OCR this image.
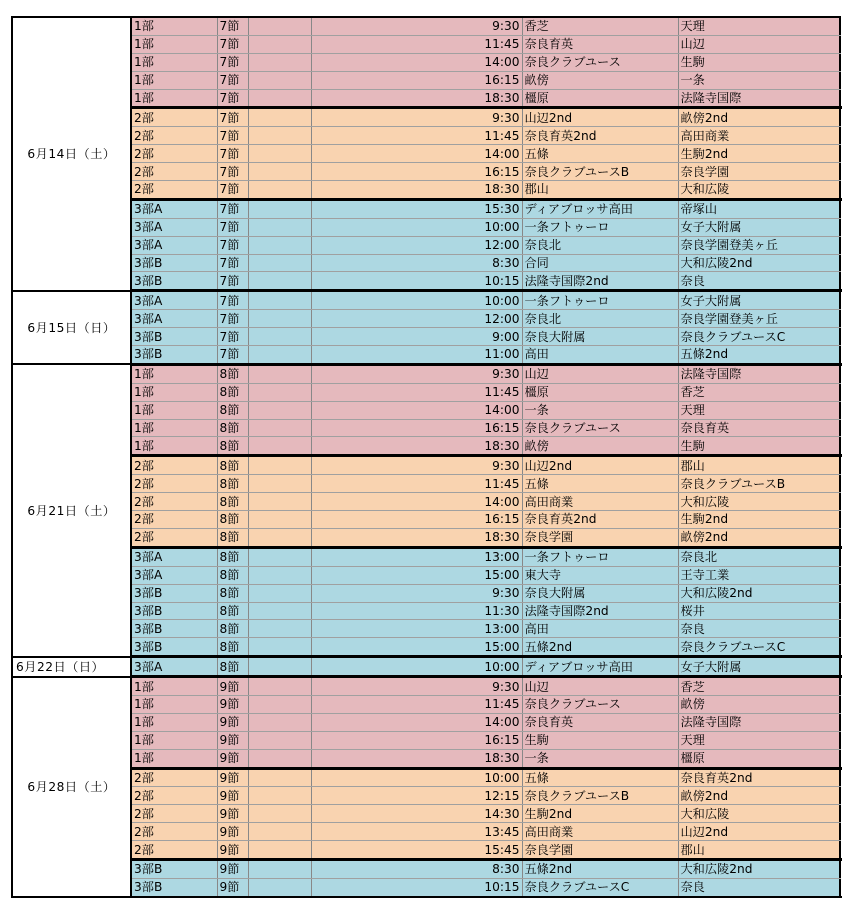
6月14日（土）	1部	7節		9:30	香芝	天理	
	1部	7節		11:45	奈良育英	山辺	
	1部	7節		14:00	奈良クラブユース	生駒	
	1部	7節		16:15	畝傍	一条	
	1部	7節		18:30	橿原	法隆寺国際	
	2部	7節		9:30	山辺2nd	畝傍2nd	
	2部	7節		11:45	奈良育英2nd	高田商業	
	2部	7節		14:00	五條	生駒2nd	
	2部	7節		16:15	奈良クラブユースB	奈良学園	
	2部	7節		18:30	郡山	大和広陵	
	3部A	7節		15:30	ディアブロッサ高田	帝塚山	
	3部A	7節		10:00	一条フトゥーロ	女子大附属	
	3部A	7節		12:00	奈良北	奈良学園登美ヶ丘	
	3部B	7節		8:30	合同	大和広陵2nd	
	3部B	7節		10:15	法隆寺国際2nd	奈良	
6月15日（日）	3部A	7節		10:00	一条フトゥーロ	女子大附属	
	3部A	7節		12:00	奈良北	奈良学園登美ヶ丘	
	3部B	7節		9:00	奈良大附属	奈良クラブユースC	
	3部B	7節		11:00	高田	五條2nd	
6月21日（土）	1部	8節		9:30	山辺	法隆寺国際	
	1部	8節		11:45	橿原	香芝	
	1部	8節		14:00	一条	天理	
	1部	8節		16:15	奈良クラブユース	奈良育英	
	1部	8節		18:30	畝傍	生駒	
	2部	8節		9:30	山辺2nd	郡山	
	2部	8節		11:45	五條	奈良クラブユースB	
	2部	8節		14:00	高田商業	大和広陵	
	2部	8節		16:15	奈良育英2nd	生駒2nd	
	2部	8節		18:30	奈良学園	畝傍2nd	
	3部A	8節		13:00	一条フトゥーロ	奈良北	
	3部A	8節		15:00	東大寺	王寺工業	
	3部B	8節		9:30	奈良大附属	大和広陵2nd	
	3部B	8節		11:30	法隆寺国際2nd	桜井	
	3部B	8節		13:00	高田	奈良	
	3部B	8節		15:00	五條2nd	奈良クラブユースC	
6月22日（日）	3部A	8節		10:00	ディアブロッサ高田	女子大附属	
6月28日（土）	1部	9節		9:30	山辺	香芝	
	1部	9節		11:45	奈良クラブユース	畝傍	
	1部	9節		14:00	奈良育英	法隆寺国際	
	1部	9節		16:15	生駒	天理	
	1部	9節		18:30	一条	橿原	
	2部	9節		10:00	五條	奈良育英2nd	
	2部	9節		12:15	奈良クラブユースB	畝傍2nd	
	2部	9節		14:30	生駒2nd	大和広陵	
	2部	9節		13:45	高田商業	山辺2nd	
	2部	9節		15:45	奈良学園	郡山	
	3部B	9節		8:30	五條2nd	大和広陵2nd	
	3部B	9節		10:15	奈良クラブユースC	奈良	
